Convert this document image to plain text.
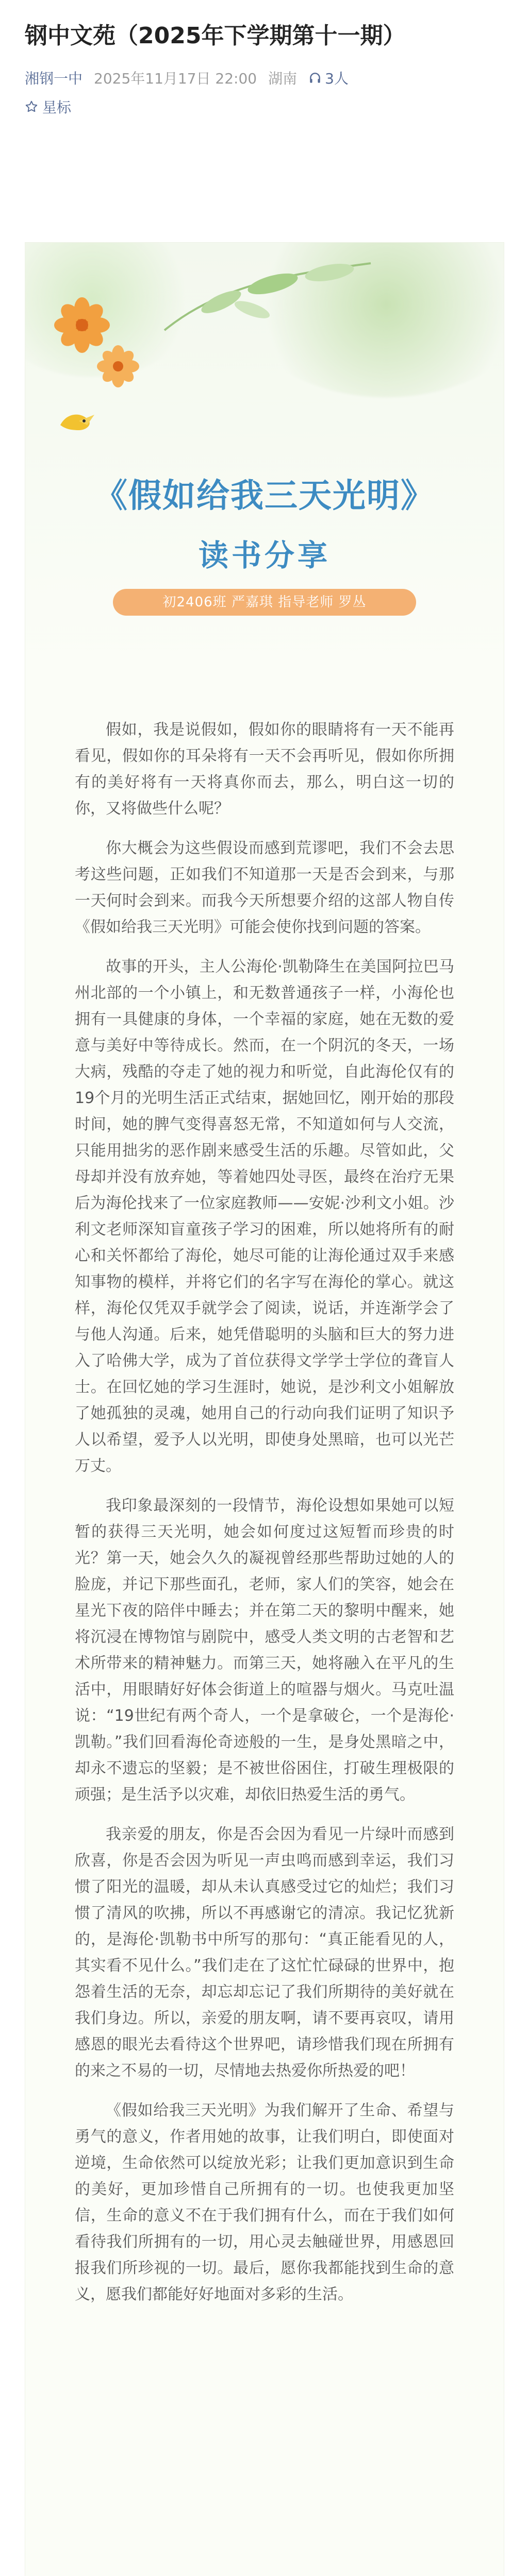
钢中文苑（2025年下学期第十一期）
湘钢一中 2025年11月17日 22:00 湖南 3人
星标
《假如给我三天光明》
读书分享
初2406班 严嘉琪 指导老师 罗丛

假如，我是说假如，假如你的眼睛将有一天不能再看见，假如你的耳朵将有一天不会再听见，假如你所拥有的美好将有一天将真你而去，那么，明白这一切的你，又将做些什么呢？

你大概会为这些假设而感到荒谬吧，我们不会去思考这些问题，正如我们不知道那一天是否会到来，与那一天何时会到来。而我今天所想要介绍的这部人物自传《假如给我三天光明》可能会使你找到问题的答案。

故事的开头，主人公海伦·凯勒降生在美国阿拉巴马州北部的一个小镇上，和无数普通孩子一样，小海伦也拥有一具健康的身体，一个幸福的家庭，她在无数的爱意与美好中等待成长。然而，在一个阴沉的冬天，一场大病，残酷的夺走了她的视力和听觉，自此海伦仅有的19个月的光明生活正式结束，据她回忆，刚开始的那段时间，她的脾气变得喜怒无常，不知道如何与人交流，只能用拙劣的恶作剧来感受生活的乐趣。尽管如此，父母却并没有放弃她，等着她四处寻医，最终在治疗无果后为海伦找来了一位家庭教师——安妮·沙利文小姐。沙利文老师深知盲童孩子学习的困难，所以她将所有的耐心和关怀都给了海伦，她尽可能的让海伦通过双手来感知事物的模样，并将它们的名字写在海伦的掌心。就这样，海伦仅凭双手就学会了阅读，说话，并连渐学会了与他人沟通。后来，她凭借聪明的头脑和巨大的努力进入了哈佛大学，成为了首位获得文学学士学位的聋盲人士。在回忆她的学习生涯时，她说，是沙利文小姐解放了她孤独的灵魂，她用自己的行动向我们证明了知识予人以希望，爱予人以光明，即使身处黑暗，也可以光芒万丈。

我印象最深刻的一段情节，海伦设想如果她可以短暂的获得三天光明，她会如何度过这短暂而珍贵的时光？第一天，她会久久的凝视曾经那些帮助过她的人的脸庞，并记下那些面孔，老师，家人们的笑容，她会在星光下夜的陪伴中睡去；并在第二天的黎明中醒来，她将沉浸在博物馆与剧院中，感受人类文明的古老智和艺术所带来的精神魅力。而第三天，她将融入在平凡的生活中，用眼睛好好体会街道上的喧器与烟火。马克吐温说：“19世纪有两个奇人，一个是拿破仑，一个是海伦·凯勒。”我们回看海伦奇迹般的一生，是身处黑暗之中，却永不遗忘的坚毅；是不被世俗困住，打破生理极限的顽强；是生活予以灾难，却依旧热爱生活的勇气。

我亲爱的朋友，你是否会因为看见一片绿叶而感到欣喜，你是否会因为听见一声虫鸣而感到幸运，我们习惯了阳光的温暖，却从未认真感受过它的灿烂；我们习惯了清风的吹拂，所以不再感谢它的清凉。我记忆犹新的，是海伦·凯勒书中所写的那句：“真正能看见的人，其实看不见什么。”我们走在了这忙忙碌碌的世界中，抱怨着生活的无奈，却忘却忘记了我们所期待的美好就在我们身边。所以，亲爱的朋友啊，请不要再哀叹，请用感恩的眼光去看待这个世界吧，请珍惜我们现在所拥有的来之不易的一切，尽情地去热爱你所热爱的吧！

《假如给我三天光明》为我们解开了生命、希望与勇气的意义，作者用她的故事，让我们明白，即使面对逆境，生命依然可以绽放光彩；让我们更加意识到生命的美好，更加珍惜自己所拥有的一切。也使我更加坚信，生命的意义不在于我们拥有什么，而在于我们如何看待我们所拥有的一切，用心灵去触碰世界，用感恩回报我们所珍视的一切。最后，愿你我都能找到生命的意义，愿我们都能好好地面对多彩的生活。
